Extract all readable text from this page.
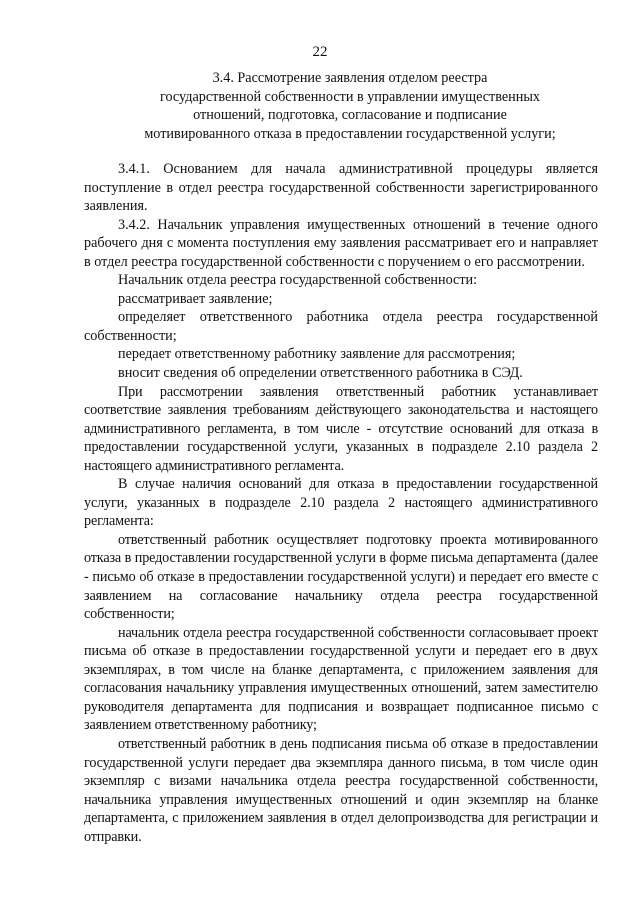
22
3.4. Рассмотрение заявления отделом реестра
государственной собственности в управлении имущественных
отношений, подготовка, согласование и подписание
мотивированного отказа в предоставлении государственной услуги;

3.4.1. Основанием для начала административной процедуры является поступление в отдел реестра государственной собственности зарегистрированного заявления.

3.4.2. Начальник управления имущественных отношений в течение одного рабочего дня с момента поступления ему заявления рассматривает его и направляет в отдел реестра государственной собственности с поручением о его рассмотрении.

Начальник отдела реестра государственной собственности:

рассматривает заявление;

определяет ответственного работника отдела реестра государственной собственности;

передает ответственному работнику заявление для рассмотрения;

вносит сведения об определении ответственного работника в СЭД.

При рассмотрении заявления ответственный работник устанавливает соответствие заявления требованиям действующего законодательства и настоящего административного регламента, в том числе - отсутствие оснований для отказа в предоставлении государственной услуги, указанных в подразделе 2.10 раздела 2 настоящего административного регламента.

В случае наличия оснований для отказа в предоставлении государственной услуги, указанных в подразделе 2.10 раздела 2 настоящего административного регламента:

ответственный работник осуществляет подготовку проекта мотивированного отказа в предоставлении государственной услуги в форме письма департамента (далее - письмо об отказе в предоставлении государственной услуги) и передает его вместе с заявлением на согласование начальнику отдела реестра государственной собственности;

начальник отдела реестра государственной собственности согласовывает проект письма об отказе в предоставлении государственной услуги и передает его в двух экземплярах, в том числе на бланке департамента, с приложением заявления для согласования начальнику управления имущественных отношений, затем заместителю руководителя департамента для подписания и возвращает подписанное письмо с заявлением ответственному работнику;

ответственный работник в день подписания письма об отказе в предоставлении государственной услуги передает два экземпляра данного письма, в том числе один экземпляр с визами начальника отдела реестра государственной собственности, начальника управления имущественных отношений и один экземпляр на бланке департамента, с приложением заявления в отдел делопроизводства для регистрации и отправки.
